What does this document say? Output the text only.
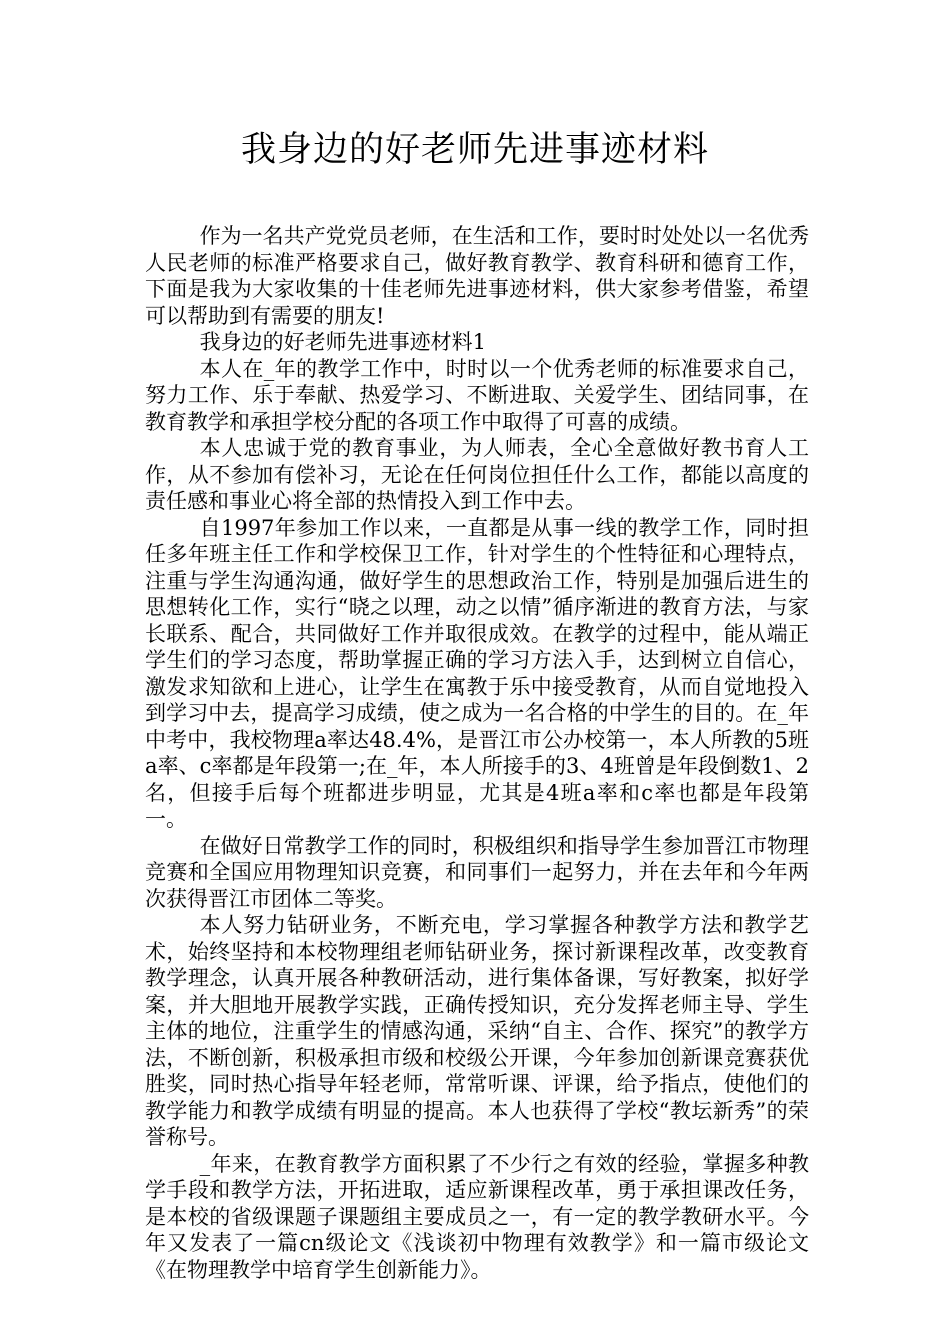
我身边的好老师先进事迹材料

作为一名共产党党员老师，在生活和工作，要时时处处以一名优秀人民老师的标准严格要求自己，做好教育教学、教育科研和德育工作，下面是我为大家收集的十佳老师先进事迹材料，供大家参考借鉴，希望可以帮助到有需要的朋友!

我身边的好老师先进事迹材料1

本人在_年的教学工作中，时时以一个优秀老师的标准要求自己，努力工作、乐于奉献、热爱学习、不断进取、关爱学生、团结同事，在教育教学和承担学校分配的各项工作中取得了可喜的成绩。

本人忠诚于党的教育事业，为人师表，全心全意做好教书育人工作，从不参加有偿补习，无论在任何岗位担任什么工作，都能以高度的责任感和事业心将全部的热情投入到工作中去。

自1997年参加工作以来，一直都是从事一线的教学工作，同时担任多年班主任工作和学校保卫工作，针对学生的个性特征和心理特点，注重与学生沟通沟通，做好学生的思想政治工作，特别是加强后进生的思想转化工作，实行“晓之以理，动之以情”循序渐进的教育方法，与家长联系、配合，共同做好工作并取很成效。在教学的过程中，能从端正学生们的学习态度，帮助掌握正确的学习方法入手，达到树立自信心，激发求知欲和上进心，让学生在寓教于乐中接受教育，从而自觉地投入到学习中去，提高学习成绩，使之成为一名合格的中学生的目的。在_年中考中，我校物理a率达48.4%，是晋江市公办校第一，本人所教的5班a率、c率都是年段第一;在_年，本人所接手的3、4班曾是年段倒数1、2名，但接手后每个班都进步明显，尤其是4班a率和c率也都是年段第一。

在做好日常教学工作的同时，积极组织和指导学生参加晋江市物理竞赛和全国应用物理知识竞赛，和同事们一起努力，并在去年和今年两次获得晋江市团体二等奖。

本人努力钻研业务，不断充电，学习掌握各种教学方法和教学艺术，始终坚持和本校物理组老师钻研业务，探讨新课程改革，改变教育教学理念，认真开展各种教研活动，进行集体备课，写好教案，拟好学案，并大胆地开展教学实践，正确传授知识，充分发挥老师主导、学生主体的地位，注重学生的情感沟通，采纳“自主、合作、探究”的教学方法，不断创新，积极承担市级和校级公开课，今年参加创新课竞赛获优胜奖，同时热心指导年轻老师，常常听课、评课，给予指点，使他们的教学能力和教学成绩有明显的提高。本人也获得了学校“教坛新秀”的荣誉称号。

_年来，在教育教学方面积累了不少行之有效的经验，掌握多种教学手段和教学方法，开拓进取，适应新课程改革，勇于承担课改任务，是本校的省级课题子课题组主要成员之一，有一定的教学教研水平。今年又发表了一篇cn级论文《浅谈初中物理有效教学》和一篇市级论文《在物理教学中培育学生创新能力》。
